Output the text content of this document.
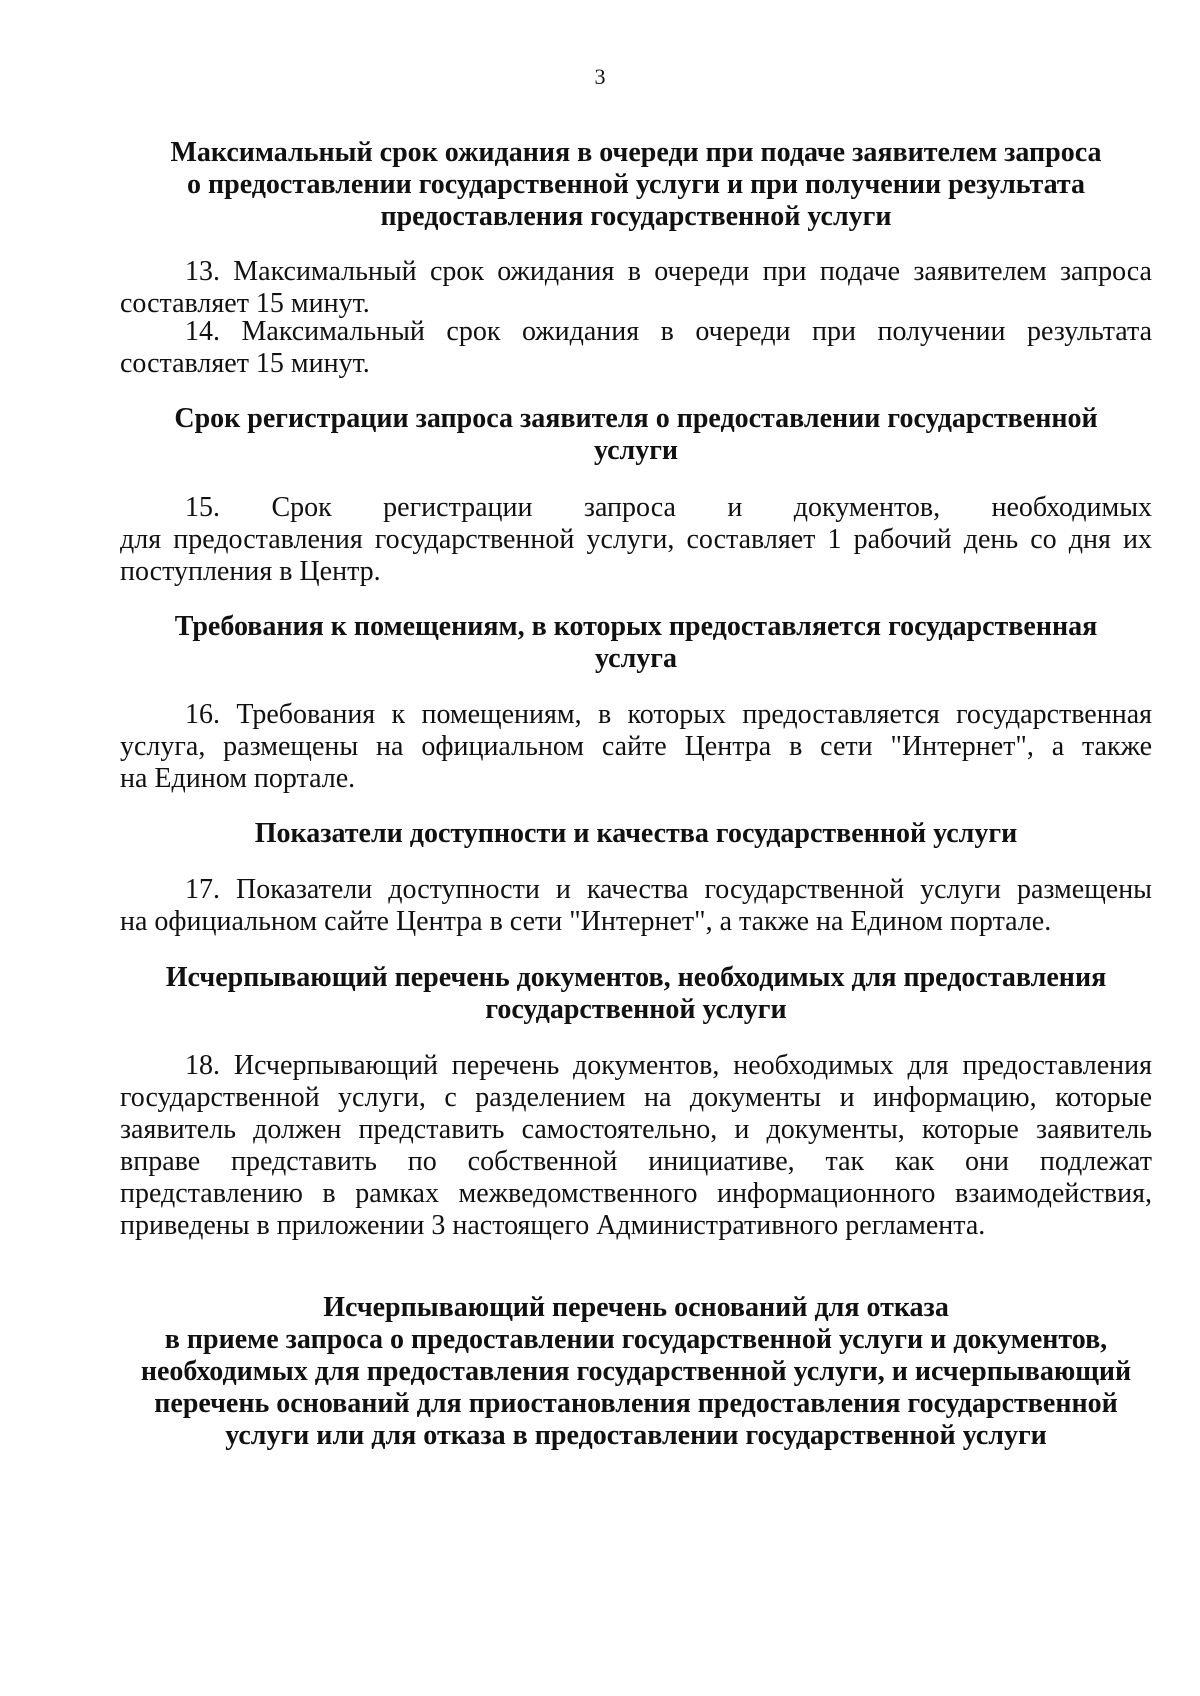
3
Максимальный срок ожидания в очереди при подаче заявителем запроса
о предоставлении государственной услуги и при получении результата
предоставления государственной услуги
13. Максимальный срок ожидания в очереди при подаче заявителем запроса
составляет 15 минут.
14. Максимальный срок ожидания в очереди при получении результата
составляет 15 минут.
Срок регистрации запроса заявителя о предоставлении государственной
услуги
15. Срок регистрации запроса и документов, необходимых
для предоставления государственной услуги, составляет 1 рабочий день со дня их
поступления в Центр.
Требования к помещениям, в которых предоставляется государственная
услуга
16. Требования к помещениям, в которых предоставляется государственная
услуга, размещены на официальном сайте Центра в сети "Интернет", а также
на Едином портале.
Показатели доступности и качества государственной услуги
17. Показатели доступности и качества государственной услуги размещены
на официальном сайте Центра в сети "Интернет", а также на Едином портале.
Исчерпывающий перечень документов, необходимых для предоставления
государственной услуги
18. Исчерпывающий перечень документов, необходимых для предоставления
государственной услуги, с разделением на документы и информацию, которые
заявитель должен представить самостоятельно, и документы, которые заявитель
вправе представить по собственной инициативе, так как они подлежат
представлению в рамках межведомственного информационного взаимодействия,
приведены в приложении 3 настоящего Административного регламента.
Исчерпывающий перечень оснований для отказа
в приеме запроса о предоставлении государственной услуги и документов,
необходимых для предоставления государственной услуги, и исчерпывающий
перечень оснований для приостановления предоставления государственной
услуги или для отказа в предоставлении государственной услуги
